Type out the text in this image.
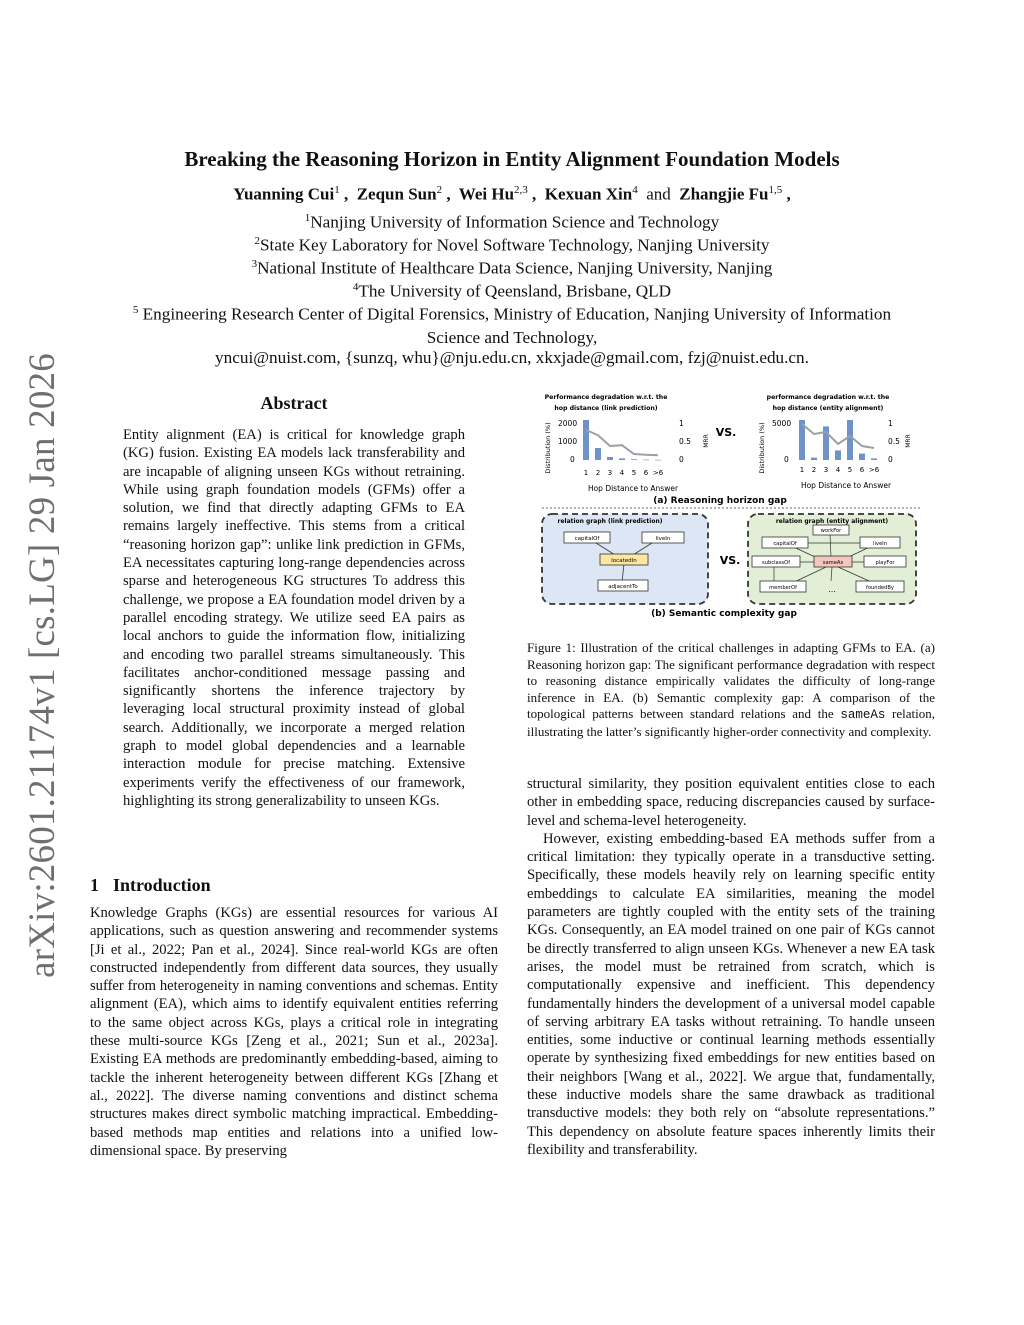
arXiv:2601.21174v1 [cs.LG] 29 Jan 2026
Breaking the Reasoning Horizon in Entity Alignment Foundation Models
Yuanning Cui$^1$ ,  Zequn Sun$^2$ ,  Wei Hu$^{2,3}$ ,  Kexuan Xin$^4$ and Zhangjie Fu$^{1,5}$ ,
$^1$Nanjing University of Information Science and Technology
$^2$State Key Laboratory for Novel Software Technology, Nanjing University
$^3$National Institute of Healthcare Data Science, Nanjing University, Nanjing
$^4$The University of Qeensland, Brisbane, QLD
$^5$ Engineering Research Center of Digital Forensics, Ministry of Education, Nanjing University of Information Science and Technology,
yncui@nuist.com, {sunzq, whu}@nju.edu.cn, xkxjade@gmail.com, fzj@nuist.edu.cn.
Abstract
Entity alignment (EA) is critical for knowledge graph (KG) fusion. Existing EA models lack transferability and are incapable of aligning unseen KGs without retraining. While using graph foundation models (GFMs) offer a solution, we find that directly adapting GFMs to EA remains largely ineffective. This stems from a critical “reasoning horizon gap”: unlike link prediction in GFMs, EA necessitates capturing long-range dependencies across sparse and heterogeneous KG structures To address this challenge, we propose a EA foundation model driven by a parallel encoding strategy. We utilize seed EA pairs as local anchors to guide the information flow, initializing and encoding two parallel streams simultaneously. This facilitates anchor-conditioned message passing and significantly shortens the inference trajectory by leveraging local structural proximity instead of global search. Additionally, we incorporate a merged relation graph to model global dependencies and a learnable interaction module for precise matching. Extensive experiments verify the effectiveness of our framework, highlighting its strong generalizability to unseen KGs.
1 Introduction
Knowledge Graphs (KGs) are essential resources for various AI applications, such as question answering and recommender systems [Ji et al., 2022; Pan et al., 2024]. Since real-world KGs are often constructed independently from different data sources, they usually suffer from heterogeneity in naming conventions and schemas. Entity alignment (EA), which aims to identify equivalent entities referring to the same object across KGs, plays a critical role in integrating these multi-source KGs [Zeng et al., 2021; Sun et al., 2023a]. Existing EA methods are predominantly embedding-based, aiming to tackle the inherent heterogeneity between different KGs [Zhang et al., 2022]. The diverse naming conventions and distinct schema structures makes direct symbolic matching impractical. Embedding-based methods map entities and relations into a unified low-dimensional space. By preserving
Performance degradation w.r.t. the
hop distance (link prediction)
Distribution (%)	MRR
2000
1000
0
1
0.5
0
1 2 3 4 5 6 >6
Hop Distance to Answer
VS.
performance degradation w.r.t. the
hop distance (entity alignment)
Distribution (%)	MRR
5000
0
1
0.5
0
1 2 3 4 5 6 >6
Hop Distance to Answer
(a) Reasoning horizon gap
relation graph (link prediction)
capitalOf	liveIn
locatedIn
adjacentTo
VS.
relation graph (entity alignment)
workFor
capitalOf	liveIn
subclassOf	sameAs	playFor
memberOf	...	foundedBy
(b) Semantic complexity gap
Figure 1: Illustration of the critical challenges in adapting GFMs to EA. (a) Reasoning horizon gap: The significant performance degradation with respect to reasoning distance empirically validates the difficulty of long-range inference in EA. (b) Semantic complexity gap: A comparison of the topological patterns between standard relations and the sameAs relation, illustrating the latter’s significantly higher-order connectivity and complexity.

structural similarity, they position equivalent entities close to each other in embedding space, reducing discrepancies caused by surface-level and schema-level heterogeneity.

However, existing embedding-based EA methods suffer from a critical limitation: they typically operate in a transductive setting. Specifically, these models heavily rely on learning specific entity embeddings to calculate EA similarities, meaning the model parameters are tightly coupled with the entity sets of the training KGs. Consequently, an EA model trained on one pair of KGs cannot be directly transferred to align unseen KGs. Whenever a new EA task arises, the model must be retrained from scratch, which is computationally expensive and inefficient. This dependency fundamentally hinders the development of a universal model capable of serving arbitrary EA tasks without retraining. To handle unseen entities, some inductive or continual learning methods essentially operate by synthesizing fixed embeddings for new entities based on their neighbors [Wang et al., 2022]. We argue that, fundamentally, these inductive models share the same drawback as traditional transductive models: they both rely on “absolute representations.” This dependency on absolute feature spaces inherently limits their flexibility and transferability.
